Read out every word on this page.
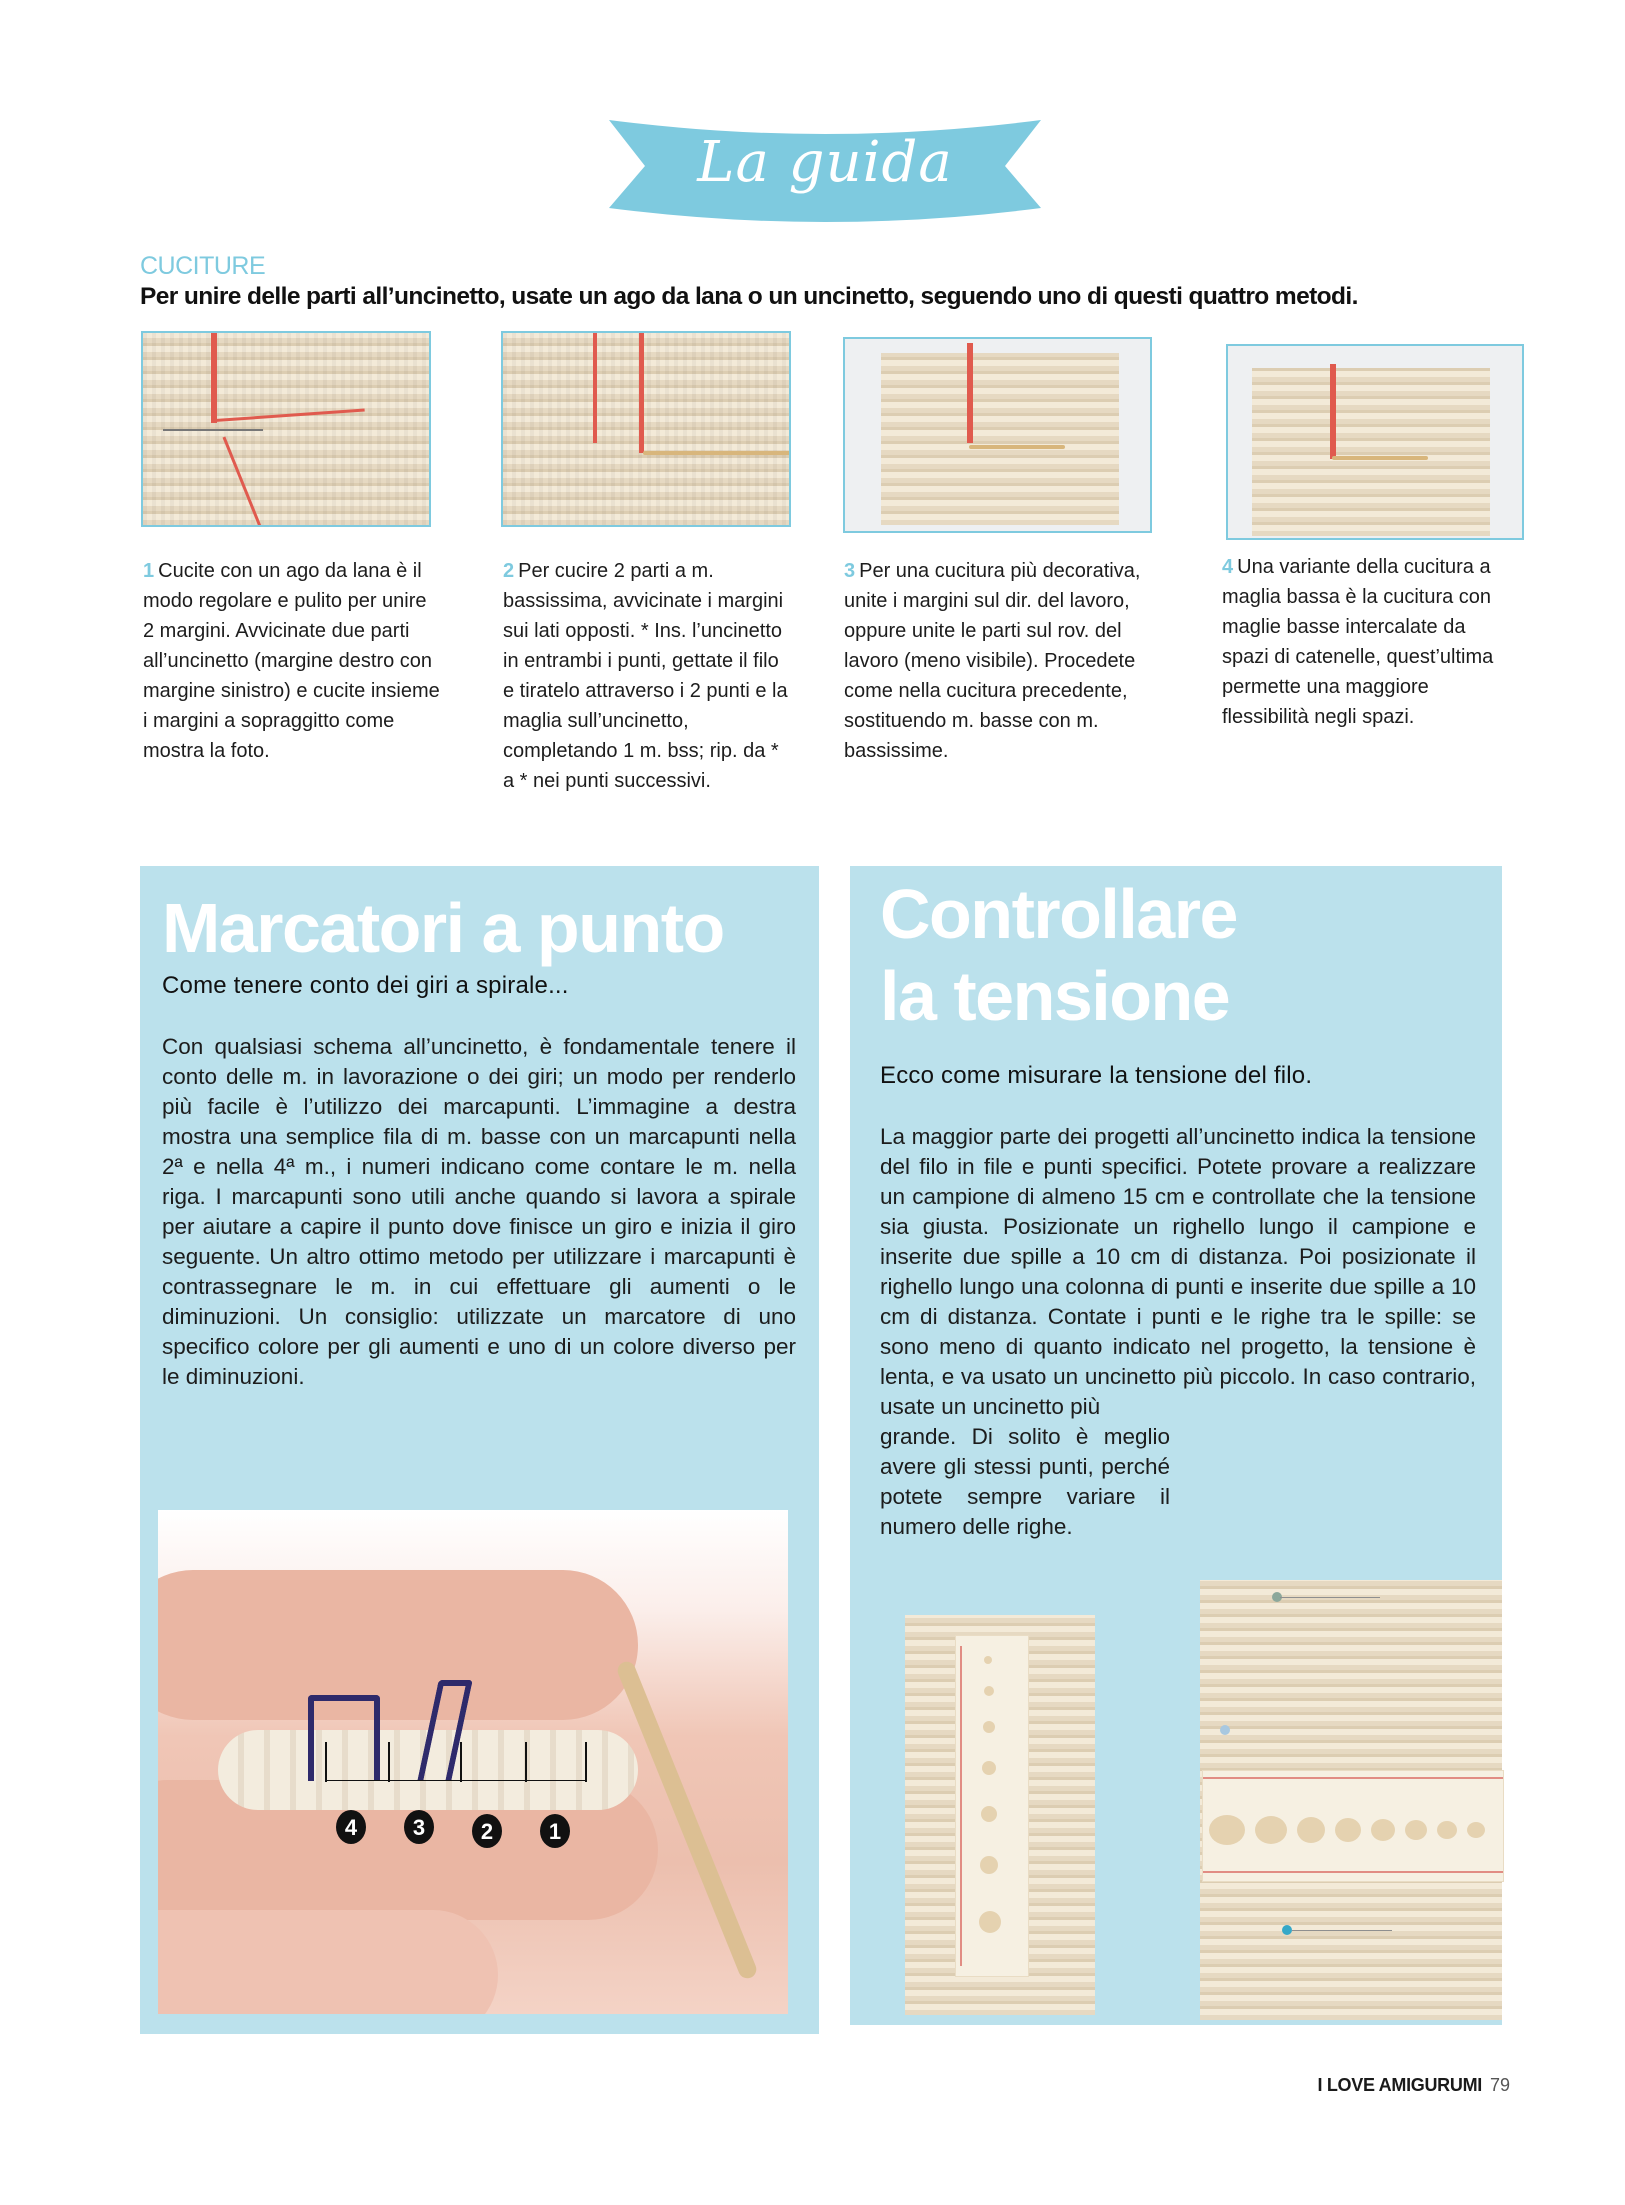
La guida
CUCITURE
Per unire delle parti all’uncinetto, usate un ago da lana o un uncinetto, seguendo uno di questi quattro metodi.
1 Cucite con un ago da lana è il modo regolare e pulito per unire 2 margini. Avvicinate due parti all’uncinetto (margine destro con margine sinistro) e cucite insieme i margini a sopraggitto come mostra la foto.
2 Per cucire 2 parti a m. bassissima, avvicinate i margini sui lati opposti. * Ins. l’uncinetto in entrambi i punti, gettate il filo e tiratelo attraverso i 2 punti e la maglia sull’uncinetto, completando 1 m. bss; rip. da * a * nei punti successivi.
3 Per una cucitura più decorativa, unite i margini sul dir. del lavoro, oppure unite le parti sul rov. del lavoro (meno visibile). Procedete come nella cucitura precedente, sostituendo m. basse con m. bassissime.
4 Una variante della cucitura a maglia bassa è la cucitura con maglie basse intercalate da spazi di catenelle, quest’ultima permette una maggiore flessibilità negli spazi.
Marcatori a punto
Come tenere conto dei giri a spirale...
Con qualsiasi schema all’uncinetto, è fondamentale tenere il conto delle m. in lavorazione o dei giri; un modo per renderlo più facile è l’utilizzo dei marcapunti. L’immagine a destra mostra una semplice fila di m. basse con un marcapunti nella 2ª e nella 4ª m., i numeri indicano come contare le m. nella riga. I marcapunti sono utili anche quando si lavora a spirale per aiutare a capire il punto dove finisce un giro e inizia il giro seguente. Un altro ottimo metodo per utilizzare i marcapunti è contrassegnare le m. in cui effettuare gli aumenti o le diminuzioni. Un consiglio: utilizzate un marcatore di uno specifico colore per gli aumenti e uno di un colore diverso per le diminuzioni.
4	3	2	1
Controllare
la tensione
Ecco come misurare la tensione del filo.
La maggior parte dei progetti all’uncinetto indica la tensione del filo in file e punti specifici. Potete provare a realizzare un campione di almeno 15 cm e controllate che la tensione sia giusta. Posizionate un righello lungo il campione e inserite due spille a 10 cm di distanza. Poi posizionate il righello lungo una colonna di punti e inserite due spille a 10 cm di distanza. Contate i punti e le righe tra le spille: se sono meno di quanto indicato nel progetto, la tensione è lenta, e va usato un uncinetto più piccolo. In caso contrario, usate un uncinetto più
grande. Di solito è meglio avere gli stessi punti, perché potete sempre variare il numero delle righe.
I LOVE AMIGURUMI 79
